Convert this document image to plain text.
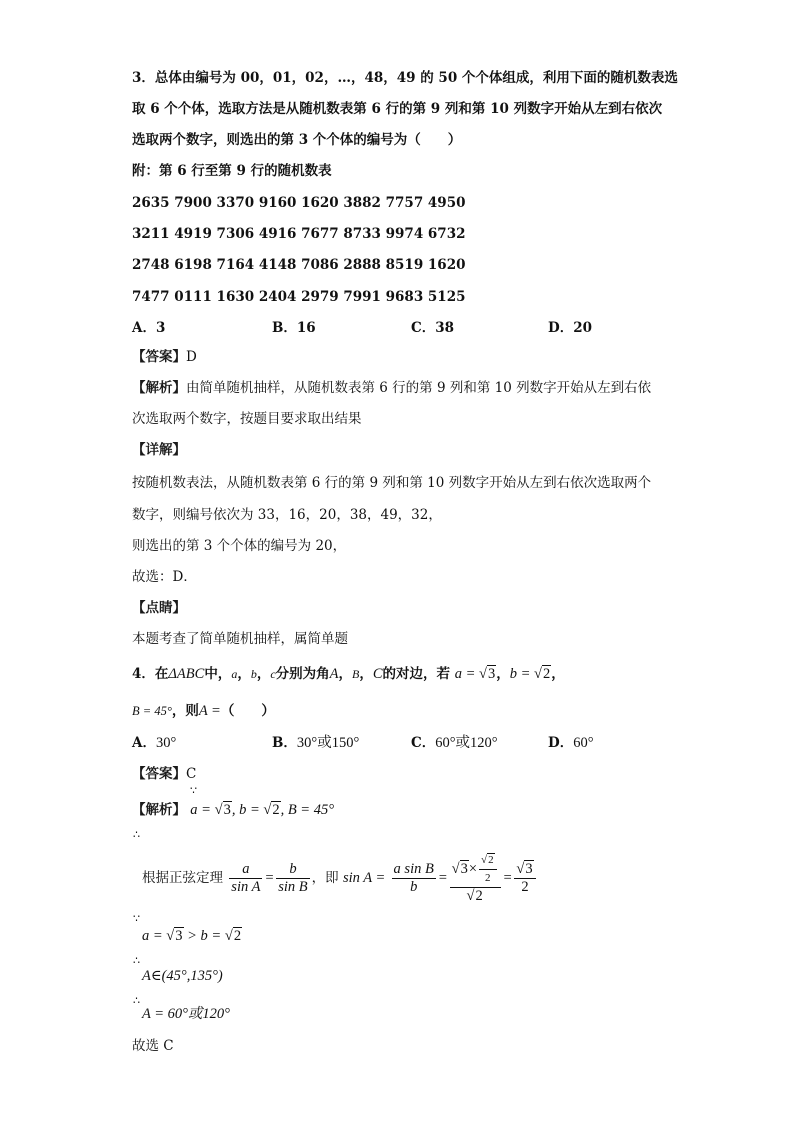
3．总体由编号为 00，01，02，…，48，49 的 50 个个体组成，利用下面的随机数表选
取 6 个个体，选取方法是从随机数表第 6 行的第 9 列和第 10 列数字开始从左到右依次
选取两个数字，则选出的第 3 个个体的编号为（　　）
附：第 6 行至第 9 行的随机数表
2635 7900 3370 9160 1620 3882 7757 4950
3211 4919 7306 4916 7677 8733 9974 6732
2748 6198 7164 4148 7086 2888 8519 1620
7477 0111 1630 2404 2979 7991 9683 5125
A．3	B．16	C．38	D．20
【答案】D
【解析】由简单随机抽样，从随机数表第 6 行的第 9 列和第 10 列数字开始从左到右依
次选取两个数字，按题目要求取出结果
【详解】
按随机数表法，从随机数表第 6 行的第 9 列和第 10 列数字开始从左到右依次选取两个
数字，则编号依次为 33，16，20，38，49，32，
则选出的第 3 个个体的编号为 20，
故选：D．
【点睛】
本题考查了简单随机抽样，属简单题
4．在ΔABC中，a，b，c分别为角A，B，C的对边，若 a = √3，b = √2，
B = 45°，则A =（　　）
A．30°	B．30°或150°	C．60°或120°	D．60°
【答案】C
∵
【解析】 a = √3, b = √2, B = 45°
∴
根据正弦定理 $\frac{a}{\text{sin A}} = \frac{b}{\text{sin B}}$ ，即 $\sin A = \frac{\text{a sin B}}{b} = \frac{√3\times \frac{√2}{2}}{√2} = \frac{√3}{2}$
∵
a = √3 > b = √2
∴
A∈(45°,135°)
∴
A = 60°或120°
故选 C
